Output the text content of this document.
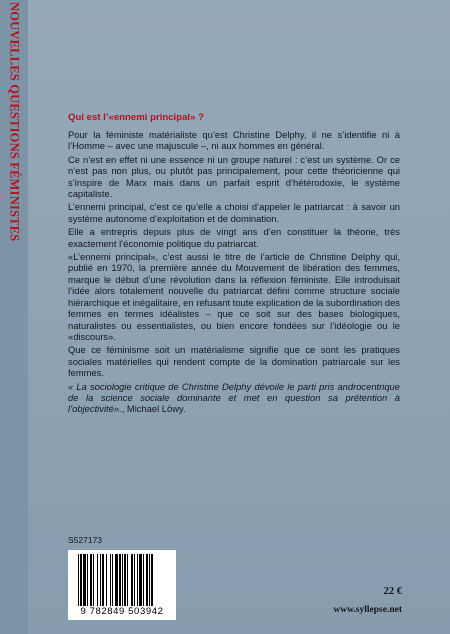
NOUVELLES QUESTIONS FÉMINISTES	Qui est l’«ennemi principal» ?

Pour la féministe matérialiste qu’est Christine Delphy, il ne s’identifie ni à l’Homme – avec une majuscule –, ni aux hommes en général.

Ce n’est en effet ni une essence ni un groupe naturel : c’est un système. Or ce n’est pas non plus, ou plutôt pas principalement, pour cette théoricienne qui s’inspire de Marx mais dans un parfait esprit d’hétérodoxie, le système capitaliste.

L’ennemi principal, c’est ce qu’elle a choisi d’appeler le patriarcat : à savoir un système autonome d’exploitation et de domination.

Elle a entrepris depuis plus de vingt ans d’en constituer la théorie, très exactement l’économie politique du patriarcat.

«L’ennemi principal», c’est aussi le titre de l’article de Christine Delphy qui, publié en 1970, la première année du Mouvement de libération des femmes, marque le début d’une révolution dans la réflexion féministe. Elle introduisait l’idée alors totalement nouvelle du patriarcat défini comme structure sociale hiérarchique et inégalitaire, en refusant toute explication de la subordination des femmes en termes idéalistes – que ce soit sur des bases biologiques, naturalistes ou essentialistes, ou bien encore fondées sur l’idéologie ou le «discours».

Que ce féminisme soit un matérialisme signifie que ce sont les pratiques sociales matérielles qui rendent compte de la domination patriarcale sur les femmes.

« La sociologie critique de Christine Delphy dévoile le parti pris androcentrique de la science sociale dominante et met en question sa prétention à l’objectivité»., Michael Löwy.

S527173
9 782849 503942
22 €
www.syllepse.net
